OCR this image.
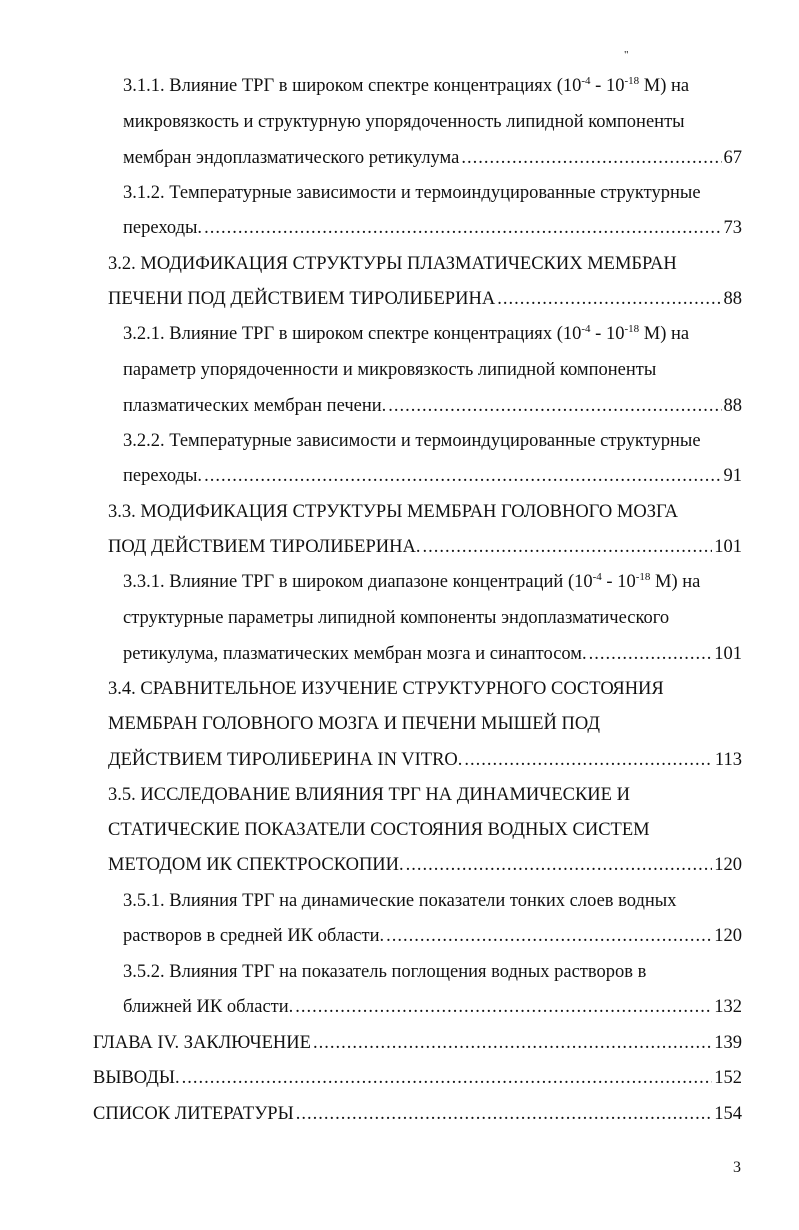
"
3.1.1. Влияние ТРГ в широком спектре концентрациях ($10^{-4} - 10^{-18}$ М) на
микровязкость и структурную упорядоченность липидной компоненты
мембран эндоплазматического ретикулума .....	67
3.1.2. Температурные зависимости и термоиндуцированные структурные
переходы. .....	73
3.2. МОДИФИКАЦИЯ СТРУКТУРЫ ПЛАЗМАТИЧЕСКИХ МЕМБРАН
ПЕЧЕНИ ПОД ДЕЙСТВИЕМ ТИРОЛИБЕРИНА .....	88
3.2.1. Влияние ТРГ в широком спектре концентрациях ($10^{-4} - 10^{-18}$ М) на
параметр упорядоченности и микровязкость липидной компоненты
плазматических мембран печени. .....	88
3.2.2. Температурные зависимости и термоиндуцированные структурные
переходы. .....	91
3.3. МОДИФИКАЦИЯ СТРУКТУРЫ МЕМБРАН ГОЛОВНОГО МОЗГА
ПОД ДЕЙСТВИЕМ ТИРОЛИБЕРИНА. .....	101
3.3.1. Влияние ТРГ в широком диапазоне концентраций ($10^{-4} - 10^{-18}$ М) на
структурные параметры липидной компоненты эндоплазматического
ретикулума, плазматических мембран мозга и синаптосом. .....	101
3.4. СРАВНИТЕЛЬНОЕ ИЗУЧЕНИЕ СТРУКТУРНОГО СОСТОЯНИЯ
МЕМБРАН ГОЛОВНОГО МОЗГА И ПЕЧЕНИ МЫШЕЙ ПОД
ДЕЙСТВИЕМ ТИРОЛИБЕРИНА IN VITRO. .....	113
3.5. ИССЛЕДОВАНИЕ ВЛИЯНИЯ ТРГ НА ДИНАМИЧЕСКИЕ И
СТАТИЧЕСКИЕ ПОКАЗАТЕЛИ СОСТОЯНИЯ ВОДНЫХ СИСТЕМ
МЕТОДОМ ИК СПЕКТРОСКОПИИ. .....	120
3.5.1. Влияния ТРГ на динамические показатели тонких слоев водных
растворов в средней ИК области. .....	120
3.5.2. Влияния ТРГ на показатель поглощения водных растворов в
ближней ИК области. .....	132
ГЛАВА IV. ЗАКЛЮЧЕНИЕ .....	139
ВЫВОДЫ. .....	152
СПИСОК ЛИТЕРАТУРЫ .....	154
3
